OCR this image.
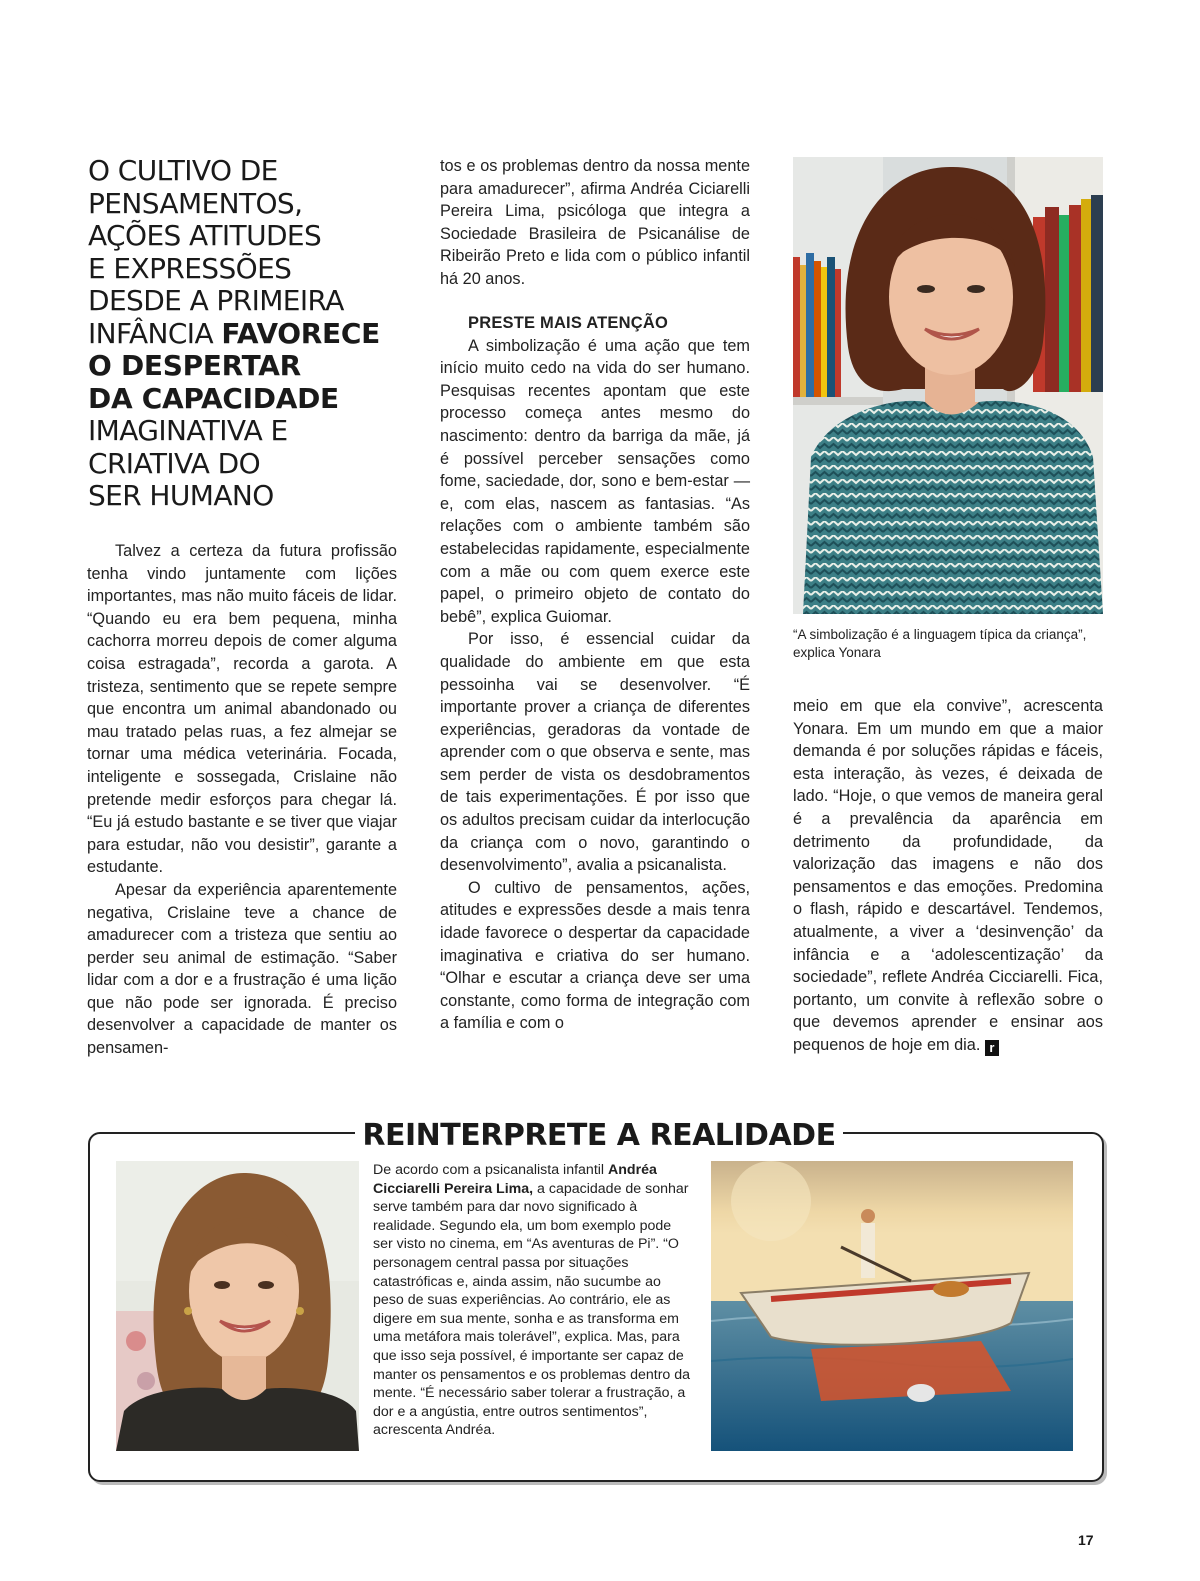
O CULTIVO DE
PENSAMENTOS,
AÇÕES ATITUDES
E EXPRESSÕES
DESDE A PRIMEIRA
INFÂNCIA FAVORECE
O DESPERTAR
DA CAPACIDADE
IMAGINATIVA E
CRIATIVA DO
SER HUMANO

Talvez a certeza da futura profissão tenha vindo juntamente com lições importantes, mas não muito fáceis de lidar. “Quando eu era bem pequena, minha cachorra morreu depois de comer alguma coisa estragada”, recorda a garota. A tristeza, sentimento que se repete sempre que encontra um animal abandonado ou mau tratado pelas ruas, a fez almejar se tornar uma médica veterinária. Focada, inteligente e sossegada, Crislaine não pretende medir esforços para chegar lá. “Eu já estudo bastante e se tiver que viajar para estudar, não vou desistir”, garante a estudante.

Apesar da experiência aparentemente negativa, Crislaine teve a chance de amadurecer com a tristeza que sentiu ao perder seu animal de estimação. “Saber lidar com a dor e a frustração é uma lição que não pode ser ignorada. É preciso desenvolver a capacidade de manter os pensamen-

tos e os problemas dentro da nossa mente para amadurecer”, afirma Andréa Ciciarelli Pereira Lima, psicóloga que integra a Sociedade Brasileira de Psicanálise de Ribeirão Preto e lida com o público infantil há 20 anos.

PRESTE MAIS ATENÇÃO

A simbolização é uma ação que tem início muito cedo na vida do ser humano. Pesquisas recentes apontam que este processo começa antes mesmo do nascimento: dentro da barriga da mãe, já é possível perceber sensações como fome, saciedade, dor, sono e bem-estar — e, com elas, nascem as fantasias. “As relações com o ambiente também são estabelecidas rapidamente, especialmente com a mãe ou com quem exerce este papel, o primeiro objeto de contato do bebê”, explica Guiomar.

Por isso, é essencial cuidar da qualidade do ambiente em que esta pessoinha vai se desenvolver. “É importante prover a criança de diferentes experiências, geradoras da vontade de aprender com o que observa e sente, mas sem perder de vista os desdobramentos de tais experimentações. É por isso que os adultos precisam cuidar da interlocução da criança com o novo, garantindo o desenvolvimento”, avalia a psicanalista.

O cultivo de pensamentos, ações, atitudes e expressões desde a mais tenra idade favorece o despertar da capacidade imaginativa e criativa do ser humano. “Olhar e escutar a criança deve ser uma constante, como forma de integração com a família e com o

“A simbolização é a linguagem típica da criança”, explica Yonara

meio em que ela convive”, acrescenta Yonara. Em um mundo em que a maior demanda é por soluções rápidas e fáceis, esta interação, às vezes, é deixada de lado. “Hoje, o que vemos de maneira geral é a prevalência da aparência em detrimento da profundidade, da valorização das imagens e não dos pensamentos e das emoções. Predomina o flash, rápido e descartável. Tendemos, atualmente, a viver a ‘desinvenção’ da infância e a ‘adolescentização’ da sociedade”, reflete Andréa Cicciarelli. Fica, portanto, um convite à reflexão sobre o que devemos aprender e ensinar aos pequenos de hoje em dia. r

REINTERPRETE A REALIDADE
De acordo com a psicanalista infantil Andréa Cicciarelli Pereira Lima, a capacidade de sonhar serve também para dar novo significado à realidade. Segundo ela, um bom exemplo pode ser visto no cinema, em “As aventuras de Pi”. “O personagem central passa por situações catastróficas e, ainda assim, não sucumbe ao peso de suas experiências. Ao contrário, ele as digere em sua mente, sonha e as transforma em uma metáfora mais tolerável”, explica. Mas, para que isso seja possível, é importante ser capaz de manter os pensamentos e os problemas dentro da mente. “É necessário saber tolerar a frustração, a dor e a angústia, entre outros sentimentos”, acrescenta Andréa.
17
